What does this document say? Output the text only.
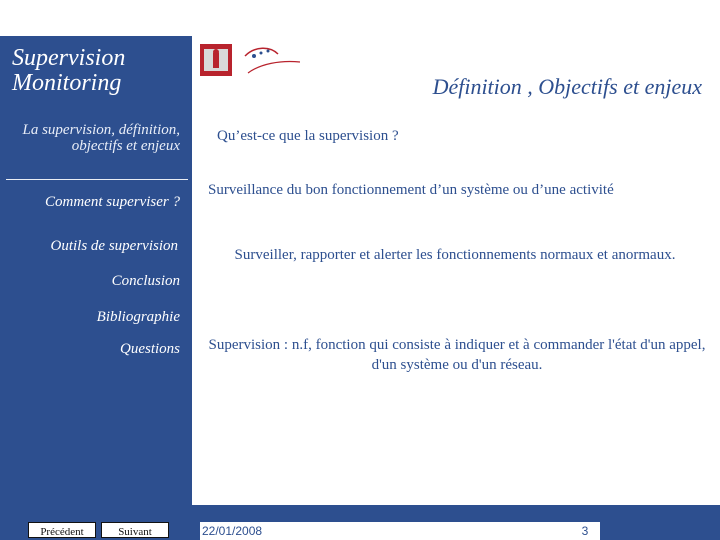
Supervision Monitoring	Définition , Objectifs et enjeux
La supervision, définition, objectifs et enjeux
Comment superviser ?
Outils de supervision
Conclusion
Bibliographie
Questions
Qu’est-ce que la supervision ?
Surveillance du bon fonctionnement d’un système ou d’une activité
Surveiller, rapporter et alerter les fonctionnements normaux et anormaux.
Supervision : n.f, fonction qui consiste à indiquer et à commander l'état d'un appel, d'un système ou d'un réseau.
Précédent	Suivant	22/01/2008	3
